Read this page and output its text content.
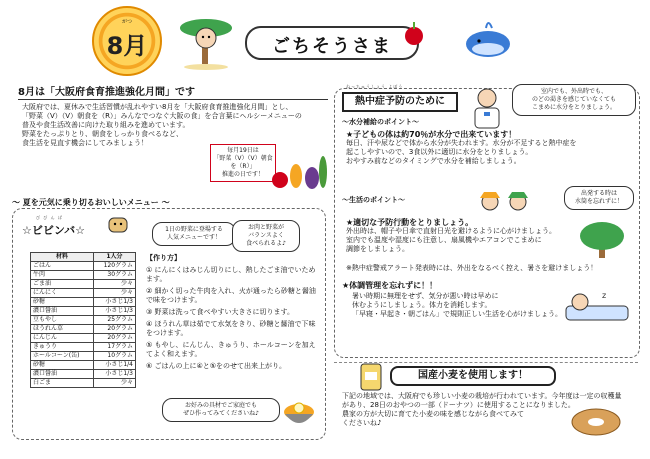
がつ
8月	ごちそうさま
8月は「大阪府食育推進強化月間」です
大阪府では、夏休みで生活習慣が乱れやすい8月を「大阪府食育推進強化月間」とし、
「野菜（V）（V）朝食を（R）」みんなでつなぐ大阪の食」を合言葉にヘルシーメニューの
普及や食生活改善に向けた取り組みを進めています。
野菜をたっぷりとり、朝食をしっかり食べるなど、
食生活を見直す機会にしてみましょう！
毎月19日は
「野菜（V）（V）朝食を（R）」
推進の日です！
～ 夏を元気に乗り切るおいしいメニュー ～
び び ん ば
☆ビビンバ☆	1日の野菜に登場する
人気メニューです！
お肉と野菜が
バランスよく
食べられるよ♪
材料	1人分
ごはん	120グラム
牛肉	30グラム
ごま油	少々
にんにく	少々
砂糖	小さじ1/3
濃口醤油	小さじ1/3
豆もやし	25グラム
ほうれん草	20グラム
にんじん	20グラム
きゅうり	17グラム
ホールコーン(缶)	10グラム
砂糖	小さじ1/4
濃口醤油	小さじ1/3
白ごま	少々
【作り方】
① にんにくはみじん切りにし、熱したごま油でいためます。
② 細かく切った牛肉を入れ、火が通ったら砂糖と醤油で味をつけます。
③ 野菜は洗って食べやすい大きさに切ります。
④ ほうれん草は茹でて水気をきり、砂糖と醤油で下味をつけます。
⑤ もやし、にんじん、きゅうり、ホールコーンを加えてよく和えます。
⑥ ごはんの上に④と⑤をのせて出来上がり。
お好みの具材でご家庭でも
ぜひ作ってみてくださいね♪
ねっちゅうしょう よぼう
熱中症予防のために
室内でも、外出時でも、
のどの渇きを感じていなくても
こまめに水分をとりましょう。
〜水分補給のポイント〜
★子どもの体は約70％が水分で出来ています！
毎日、汗や尿などで体から水分が失われます。水分が不足すると熱中症を
起こしやすいので、3食以外に適切に水分をとりましょう。
おやすみ前などのタイミングで水分を補給しましょう。
〜生活のポイント〜
出発する時は
水筒を忘れずに！
★適切な予防行動をとりましょう。
外出時は、帽子や日傘で直射日光を避けるように心がけましょう。
室内でも温度や湿度にも注意し、扇風機やエアコンでこまめに
調節をしましょう。
※熱中症警戒アラート発表時には、外出をなるべく控え、暑さを避けましょう！
★体調管理を忘れずに！！
暑い時期に無理をせず、気分が悪い時は早めに
休むようにしましょう。体力を消耗します。
「早寝・早起き・朝ごはん」で規則正しい生活を心がけましょう。
z
国産小麦を使用します！
下記の地域では、大阪府でも珍しい小麦の栽培が行われています。今年度は一定の収穫量
があり、28日のおやつの一部（ドーナツ）に使用することになりました。
農家の方が大切に育てた小麦の味を感じながら食べてみて
くださいね♪
